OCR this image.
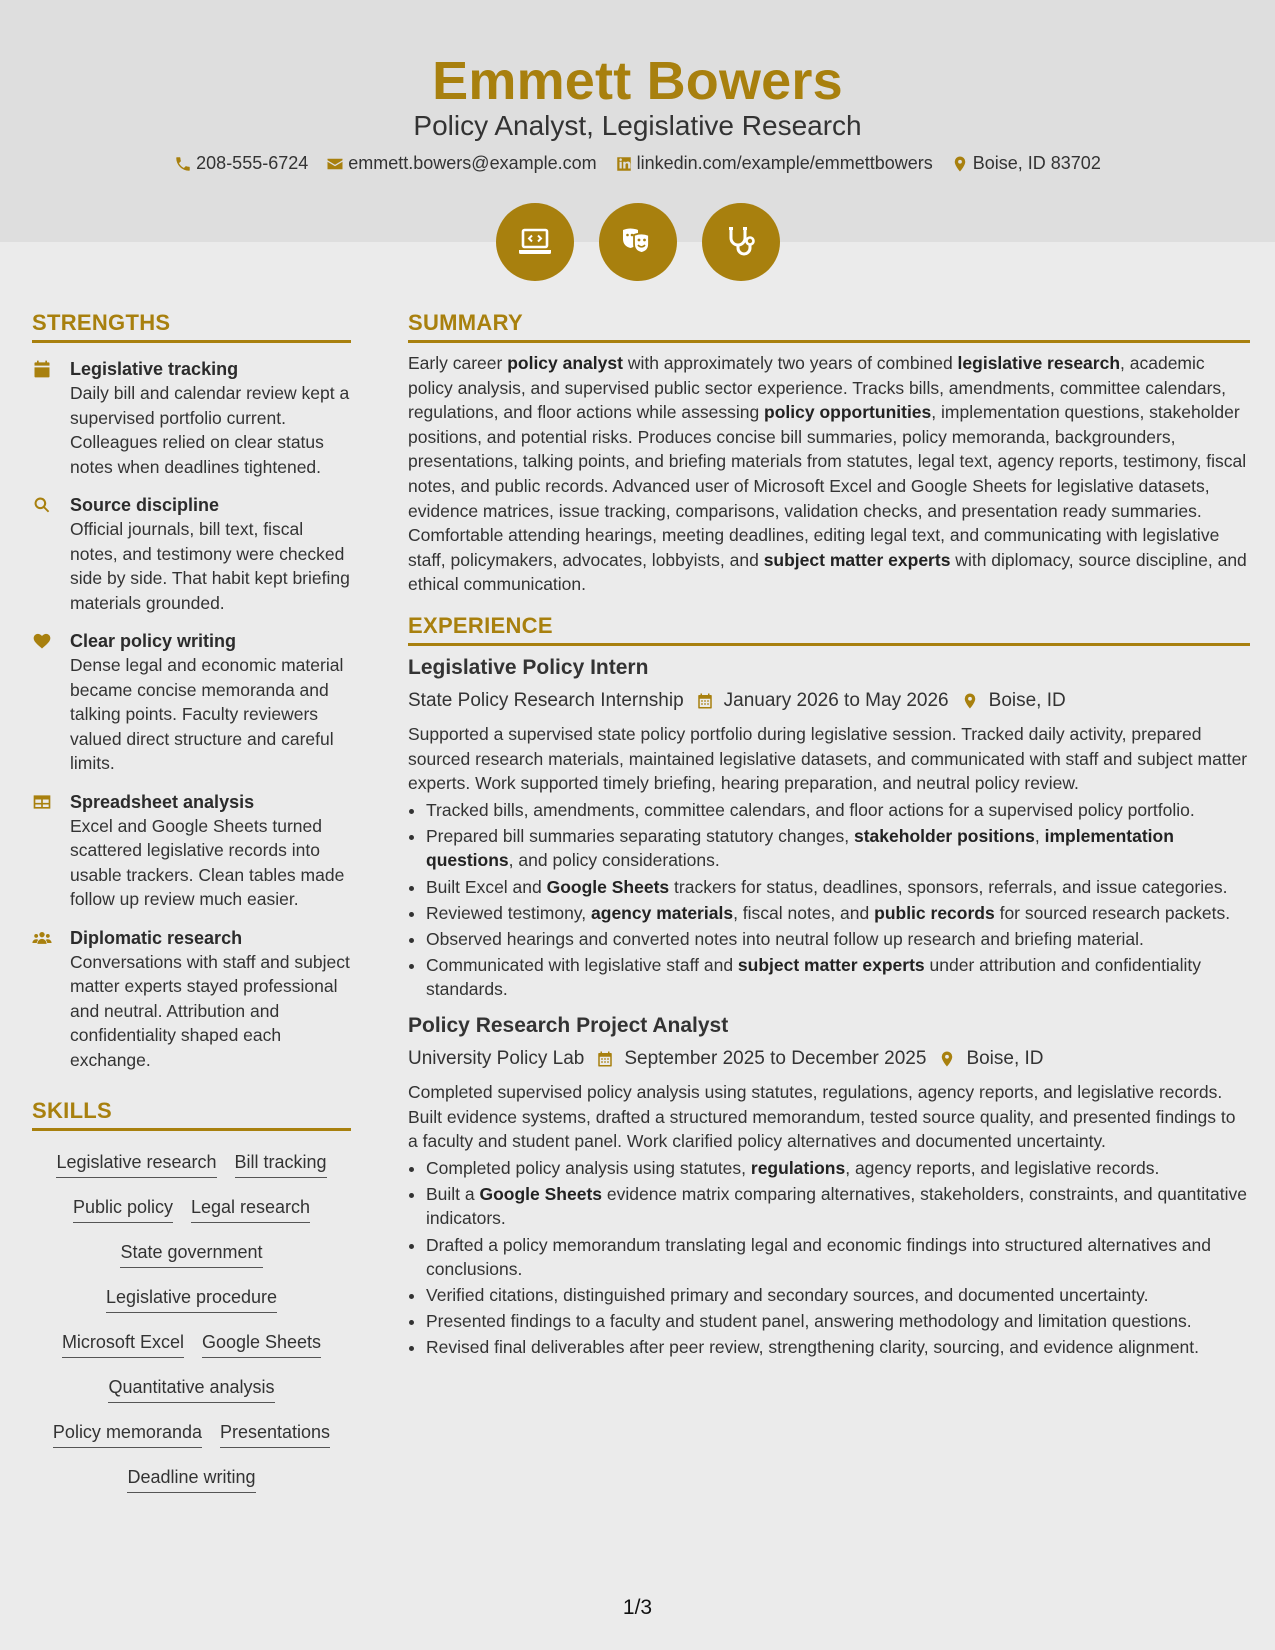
Emmett Bowers
Policy Analyst, Legislative Research
208-555-6724 emmett.bowers@example.com linkedin.com/example/emmettbowers Boise, ID 83702
STRENGTHS
Legislative tracking
Daily bill and calendar review kept a supervised portfolio current. Colleagues relied on clear status notes when deadlines tightened.
Source discipline
Official journals, bill text, fiscal notes, and testimony were checked side by side. That habit kept briefing materials grounded.
Clear policy writing
Dense legal and economic material became concise memoranda and talking points. Faculty reviewers valued direct structure and careful limits.
Spreadsheet analysis
Excel and Google Sheets turned scattered legislative records into usable trackers. Clean tables made follow up review much easier.
Diplomatic research
Conversations with staff and subject matter experts stayed professional and neutral. Attribution and confidentiality shaped each exchange.
SKILLS
Legislative research Bill tracking
Public policy Legal research
State government
Legislative procedure
Microsoft Excel Google Sheets
Quantitative analysis
Policy memoranda Presentations
Deadline writing
SUMMARY
Early career policy analyst with approximately two years of combined legislative research, academic policy analysis, and supervised public sector experience. Tracks bills, amendments, committee calendars, regulations, and floor actions while assessing policy opportunities, implementation questions, stakeholder positions, and potential risks. Produces concise bill summaries, policy memoranda, backgrounders, presentations, talking points, and briefing materials from statutes, legal text, agency reports, testimony, fiscal notes, and public records. Advanced user of Microsoft Excel and Google Sheets for legislative datasets, evidence matrices, issue tracking, comparisons, validation checks, and presentation ready summaries. Comfortable attending hearings, meeting deadlines, editing legal text, and communicating with legislative staff, policymakers, advocates, lobbyists, and subject matter experts with diplomacy, source discipline, and ethical communication.
EXPERIENCE
Legislative Policy Intern
State Policy Research Internship January 2026 to May 2026 Boise, ID
Supported a supervised state policy portfolio during legislative session. Tracked daily activity, prepared sourced research materials, maintained legislative datasets, and communicated with staff and subject matter experts. Work supported timely briefing, hearing preparation, and neutral policy review.
• Tracked bills, amendments, committee calendars, and floor actions for a supervised policy portfolio.
• Prepared bill summaries separating statutory changes, stakeholder positions, implementation questions, and policy considerations.
• Built Excel and Google Sheets trackers for status, deadlines, sponsors, referrals, and issue categories.
• Reviewed testimony, agency materials, fiscal notes, and public records for sourced research packets.
• Observed hearings and converted notes into neutral follow up research and briefing material.
• Communicated with legislative staff and subject matter experts under attribution and confidentiality standards.
Policy Research Project Analyst
University Policy Lab September 2025 to December 2025 Boise, ID
Completed supervised policy analysis using statutes, regulations, agency reports, and legislative records. Built evidence systems, drafted a structured memorandum, tested source quality, and presented findings to a faculty and student panel. Work clarified policy alternatives and documented uncertainty.
• Completed policy analysis using statutes, regulations, agency reports, and legislative records.
• Built a Google Sheets evidence matrix comparing alternatives, stakeholders, constraints, and quantitative indicators.
• Drafted a policy memorandum translating legal and economic findings into structured alternatives and conclusions.
• Verified citations, distinguished primary and secondary sources, and documented uncertainty.
• Presented findings to a faculty and student panel, answering methodology and limitation questions.
• Revised final deliverables after peer review, strengthening clarity, sourcing, and evidence alignment.
1/3
